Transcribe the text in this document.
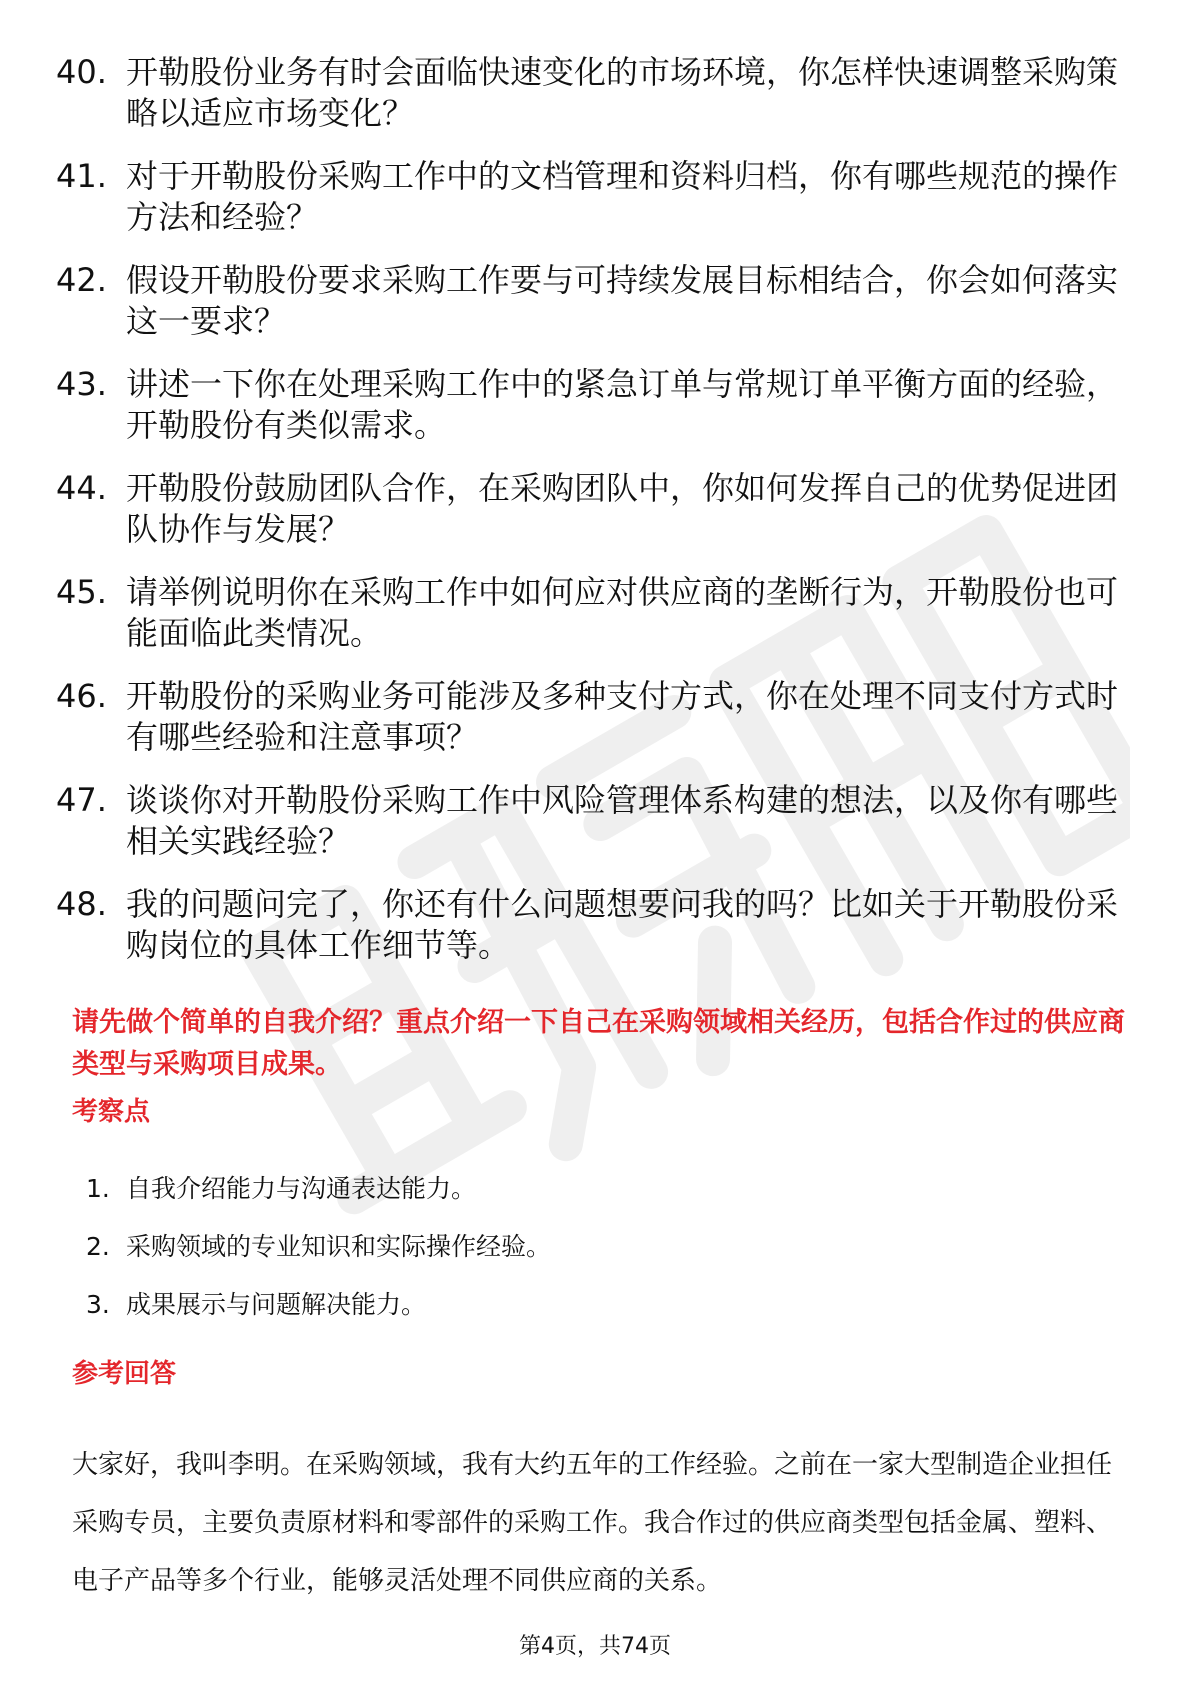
40. 开勒股份业务有时会面临快速变化的市场环境，你怎样快速调整采购策略以适应市场变化？
41. 对于开勒股份采购工作中的文档管理和资料归档，你有哪些规范的操作方法和经验？
42. 假设开勒股份要求采购工作要与可持续发展目标相结合，你会如何落实这一要求？
43. 讲述一下你在处理采购工作中的紧急订单与常规订单平衡方面的经验，开勒股份有类似需求。
44. 开勒股份鼓励团队合作，在采购团队中，你如何发挥自己的优势促进团队协作与发展？
45. 请举例说明你在采购工作中如何应对供应商的垄断行为，开勒股份也可能面临此类情况。
46. 开勒股份的采购业务可能涉及多种支付方式，你在处理不同支付方式时有哪些经验和注意事项？
47. 谈谈你对开勒股份采购工作中风险管理体系构建的想法，以及你有哪些相关实践经验？
48. 我的问题问完了，你还有什么问题想要问我的吗？比如关于开勒股份采购岗位的具体工作细节等。
请先做个简单的自我介绍？重点介绍一下自己在采购领域相关经历，包括合作过的供应商类型与采购项目成果。
考察点
1. 自我介绍能力与沟通表达能力。
2. 采购领域的专业知识和实际操作经验。
3. 成果展示与问题解决能力。
参考回答

大家好，我叫李明。在采购领域，我有大约五年的工作经验。之前在一家大型制造企业担任采购专员，主要负责原材料和零部件的采购工作。我合作过的供应商类型包括金属、塑料、电子产品等多个行业，能够灵活处理不同供应商的关系。

第4页，共74页
